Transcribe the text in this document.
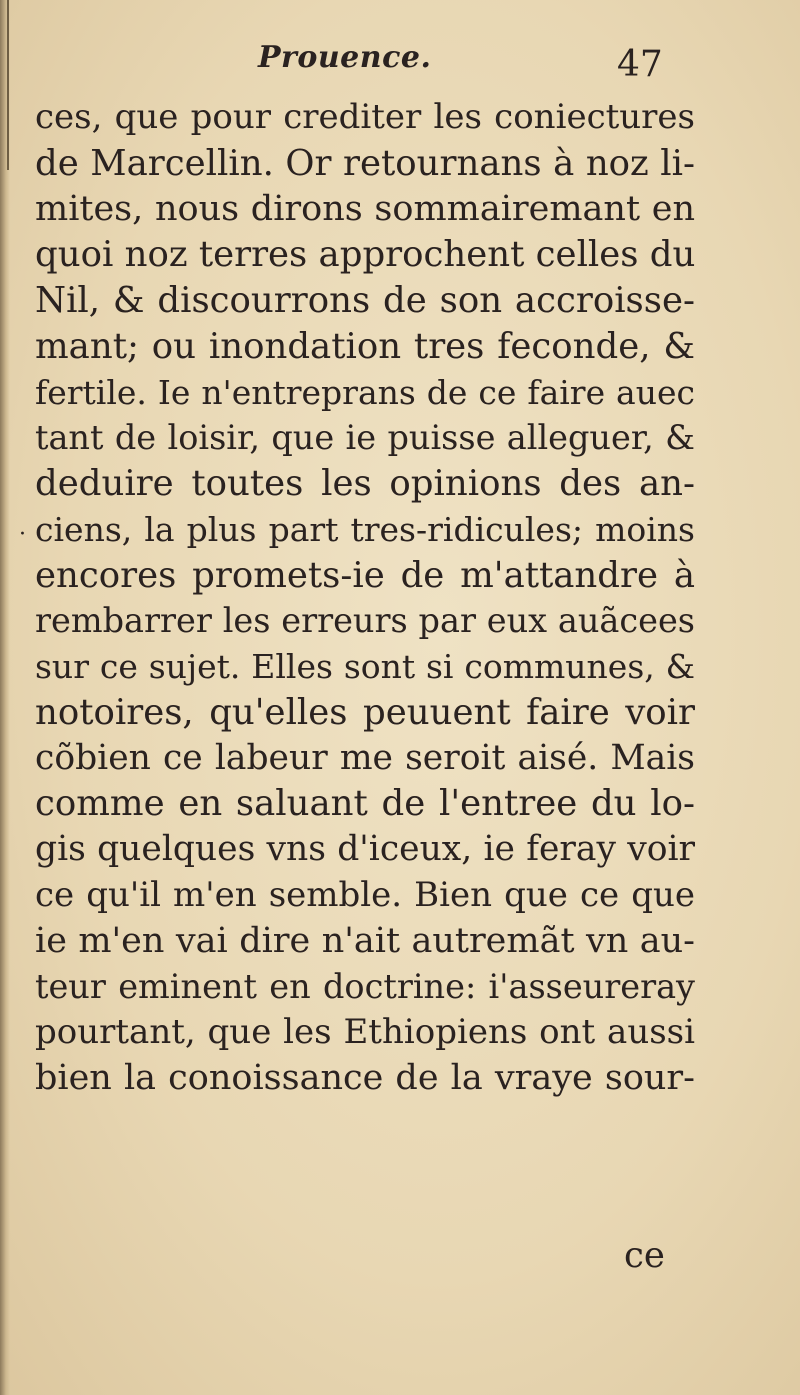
Prouence.	47
·
ces, que pour crediter les coniectures
de Marcellin. Or retournans à noz li-
mites, nous dirons sommairemant en
quoi noz terres approchent celles du
Nil, & discourrons de son accroisse-
mant; ou inondation tres feconde, &
fertile. Ie n'entreprans de ce faire auec
tant de loisir, que ie puisse alleguer, &
deduire toutes les opinions des an-
ciens, la plus part tres-ridicules; moins
encores promets-ie de m'attandre à
rembarrer les erreurs par eux auãcees
sur ce sujet. Elles sont si communes, &
notoires, qu'elles peuuent faire voir
cõbien ce labeur me seroit aisé. Mais
comme en saluant de l'entree du lo-
gis quelques vns d'iceux, ie feray voir
ce qu'il m'en semble. Bien que ce que
ie m'en vai dire n'ait autremãt vn au-
teur eminent en doctrine: i'asseureray
pourtant, que les Ethiopiens ont aussi
bien la conoissance de la vraye sour-
ce
